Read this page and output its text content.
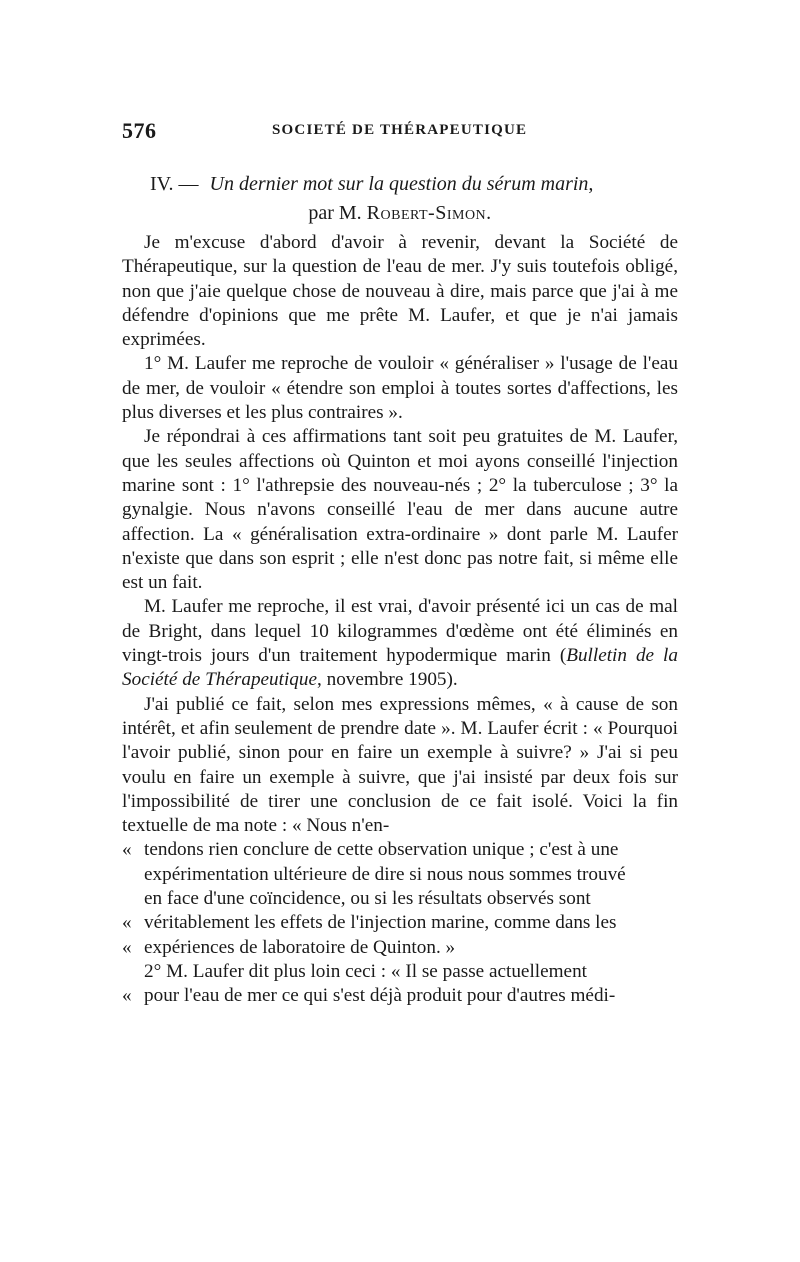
576	SOCIETÉ DE THÉRAPEUTIQUE
IV. — Un dernier mot sur la question du sérum marin,
par M. Robert-Simon.

Je m'excuse d'abord d'avoir à revenir, devant la Société de Thérapeutique, sur la question de l'eau de mer. J'y suis toutefois obligé, non que j'aie quelque chose de nouveau à dire, mais parce que j'ai à me défendre d'opinions que me prête M. Laufer, et que je n'ai jamais exprimées.

1° M. Laufer me reproche de vouloir « généraliser » l'usage de l'eau de mer, de vouloir « étendre son emploi à toutes sortes d'affections, les plus diverses et les plus contraires ».

Je répondrai à ces affirmations tant soit peu gratuites de M. Laufer, que les seules affections où Quinton et moi ayons conseillé l'injection marine sont : 1° l'athrepsie des nouveau-nés ; 2° la tuberculose ; 3° la gynalgie. Nous n'avons conseillé l'eau de mer dans aucune autre affection. La « généralisation extra-ordinaire » dont parle M. Laufer n'existe que dans son esprit ; elle n'est donc pas notre fait, si même elle est un fait.

M. Laufer me reproche, il est vrai, d'avoir présenté ici un cas de mal de Bright, dans lequel 10 kilogrammes d'œdème ont été éliminés en vingt-trois jours d'un traitement hypodermique marin (Bulletin de la Société de Thérapeutique, novembre 1905).

J'ai publié ce fait, selon mes expressions mêmes, « à cause de son intérêt, et afin seulement de prendre date ». M. Laufer écrit : « Pourquoi l'avoir publié, sinon pour en faire un exemple à suivre? » J'ai si peu voulu en faire un exemple à suivre, que j'ai insisté par deux fois sur l'impossibilité de tirer une conclusion de ce fait isolé. Voici la fin textuelle de ma note : « Nous n'en-

« tendons rien conclure de cette observation unique ; c'est à une
expérimentation ultérieure de dire si nous nous sommes trouvé
en face d'une coïncidence, ou si les résultats observés sont
« véritablement les effets de l'injection marine, comme dans les
« expériences de laboratoire de Quinton. »

2° M. Laufer dit plus loin ceci : « Il se passe actuellement

« pour l'eau de mer ce qui s'est déjà produit pour d'autres médi-
